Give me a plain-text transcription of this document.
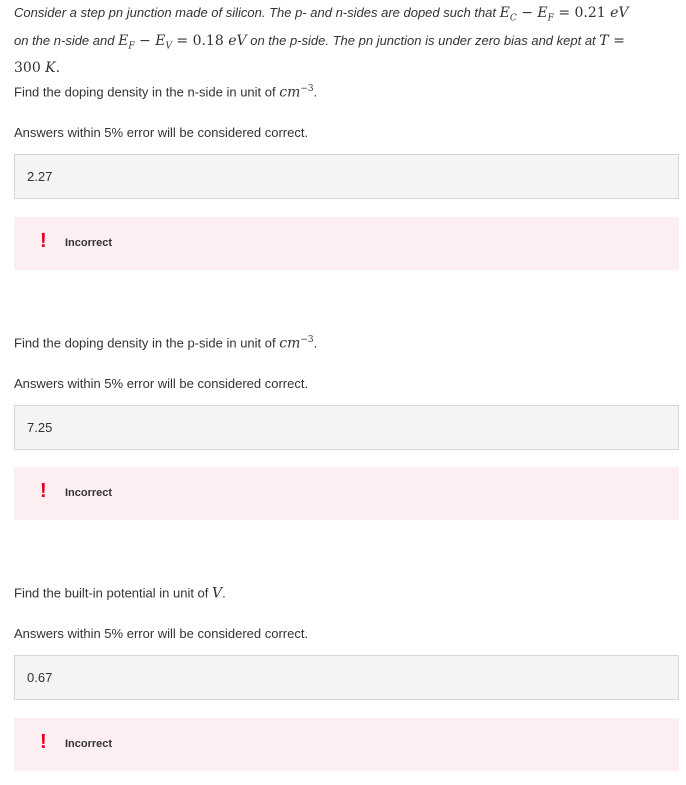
Consider a step pn junction made of silicon. The p- and n-sides are doped such that $E_C - E_F = 0.21$ eV
on the n-side and $E_F - E_V = 0.18$ eV on the p-side. The pn junction is under zero bias and kept at T =
300 K.
Find the doping density in the n-side in unit of $cm^{-3}$.
Answers within 5% error will be considered correct.
2.27
! Incorrect
Find the doping density in the p-side in unit of $cm^{-3}$.
Answers within 5% error will be considered correct.
7.25
! Incorrect
Find the built-in potential in unit of V.
Answers within 5% error will be considered correct.
0.67
! Incorrect
